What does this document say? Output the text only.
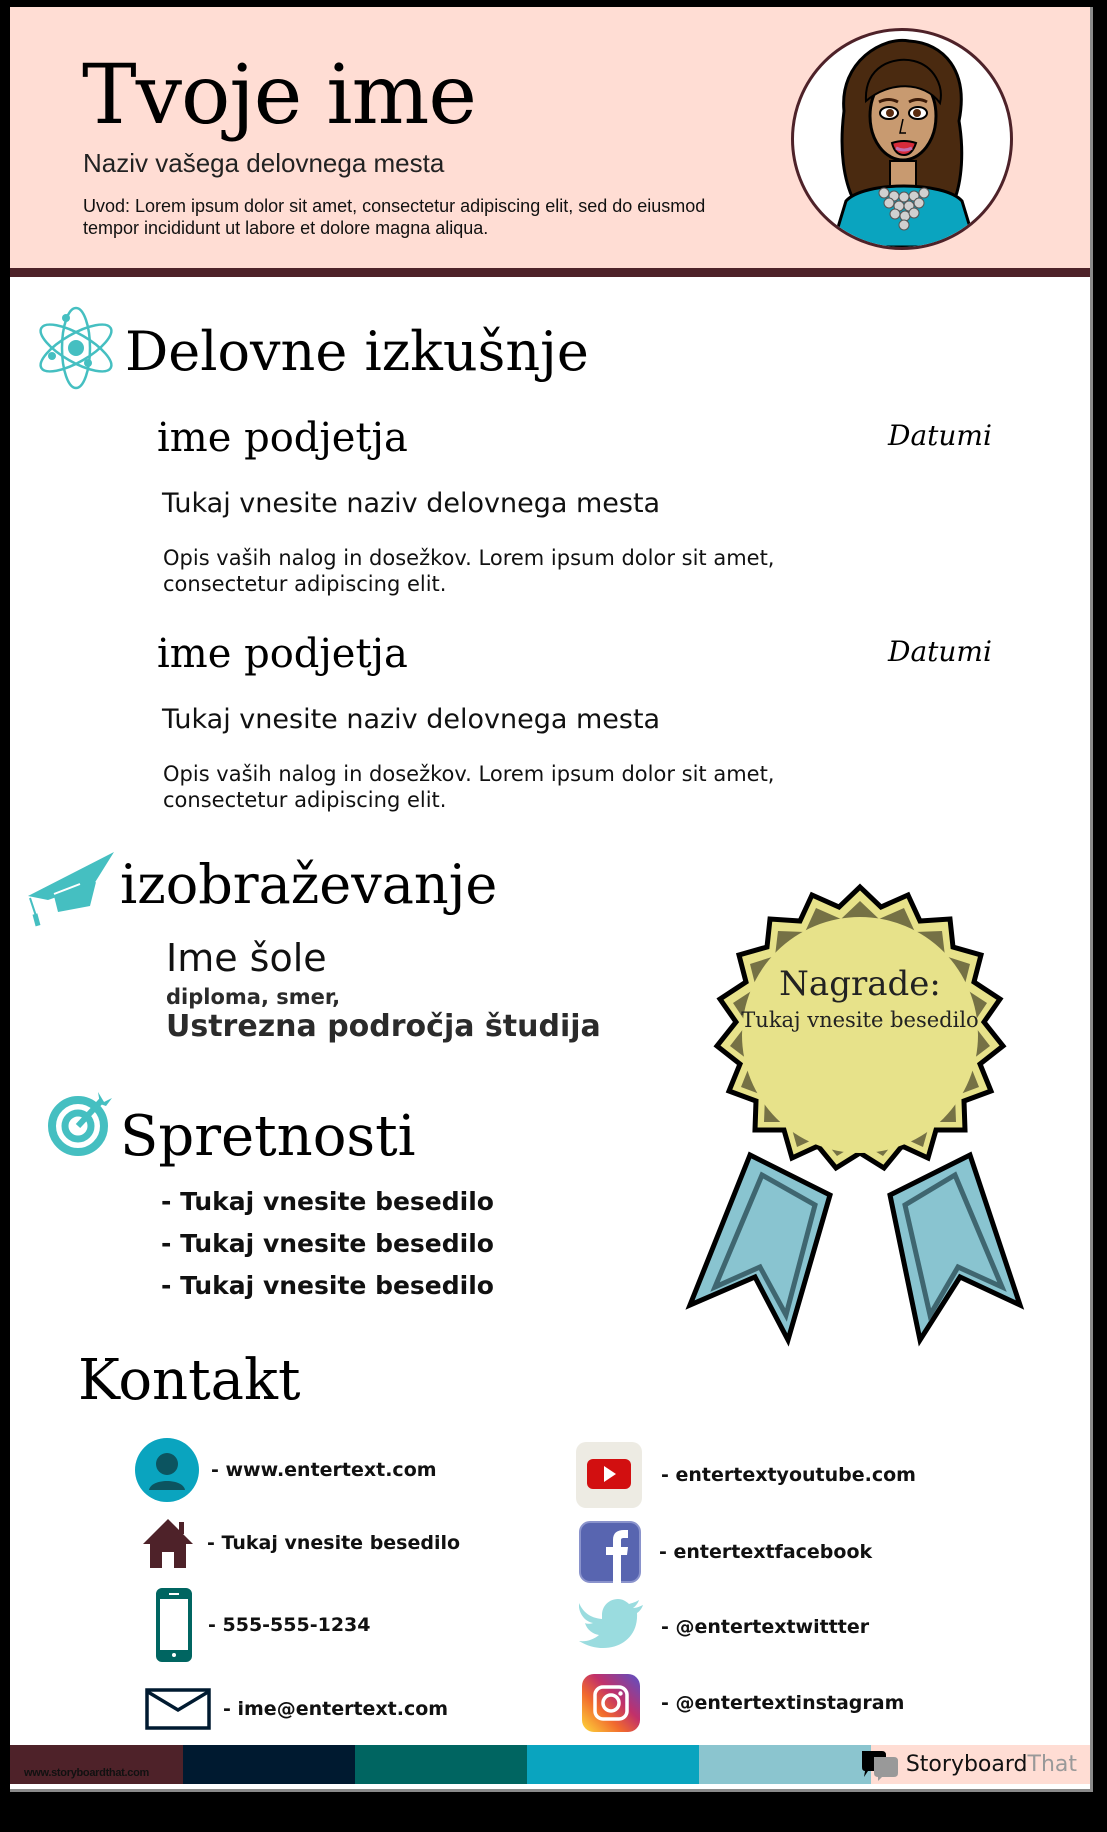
Tvoje ime
Naziv vašega delovnega mesta
Uvod: Lorem ipsum dolor sit amet, consectetur adipiscing elit, sed do eiusmod tempor incididunt ut labore et dolore magna aliqua.
Delovne izkušnje
ime podjetja	Datumi
Tukaj vnesite naziv delovnega mesta
Opis vaših nalog in dosežkov. Lorem ipsum dolor sit amet, consectetur adipiscing elit.
ime podjetja	Datumi
Tukaj vnesite naziv delovnega mesta
Opis vaših nalog in dosežkov. Lorem ipsum dolor sit amet, consectetur adipiscing elit.
izobraževanje
Ime šole
diploma, smer,
Ustrezna področja študija
Spretnosti
- Tukaj vnesite besedilo
- Tukaj vnesite besedilo
- Tukaj vnesite besedilo
Nagrade:
Tukaj vnesite besedilo
Kontakt
- www.entertext.com
- Tukaj vnesite besedilo
- 555-555-1234
- ime@entertext.com
- entertextyoutube.com
- entertextfacebook
- @entertextwittter
- @entertextinstagram
www.storyboardthat.com	StoryboardThat
